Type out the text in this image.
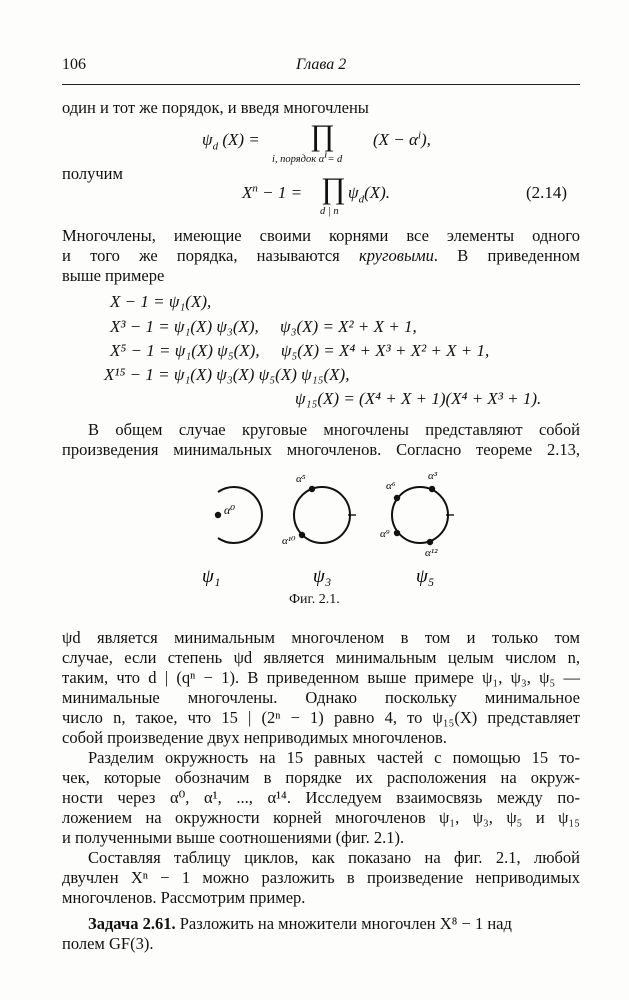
106	Глава 2
один и тот же порядок, и введя многочлены
$\psi_d$ (X) = ∏
i, порядок $\alpha^i= d$
$(X - \alpha^i)$,
получим
$X^n - 1$ = ∏
d | n
$\psi_d(X)$.	(2.14)
Многочлены, имеющие своими корнями все элементы одного
и того же порядка, называются круговыми. В приведенном
выше примере
X − 1 = ψ₁(X),
X³ − 1 = ψ₁(X) ψ₃(X),     ψ₃(X) = X² + X + 1,
X⁵ − 1 = ψ₁(X) ψ₅(X),     ψ₅(X) = X⁴ + X³ + X² + X + 1,
X¹⁵ − 1 = ψ₁(X) ψ₃(X) ψ₅(X) ψ₁₅(X),
ψ₁₅(X) = (X⁴ + X + 1)(X⁴ + X³ + 1).
В общем случае круговые многочлены представляют собой
произведения минимальных многочленов. Согласно теореме 2.13,
α⁰
ψ₁
α⁵
α¹⁰
ψ₃
α³
α⁶
α⁹
α¹²
ψ₅
Фиг. 2.1.
ψd является минимальным многочленом в том и только том
случае, если степень ψd является минимальным целым числом n,
таким, что d | (qⁿ − 1). В приведенном выше примере ψ₁, ψ₃, ψ₅ —
минимальные многочлены. Однако поскольку минимальное
число n, такое, что 15 | (2ⁿ − 1) равно 4, то ψ₁₅(X) представляет
собой произведение двух неприводимых многочленов.
Разделим окружность на 15 равных частей с помощью 15 то-
чек, которые обозначим в порядке их расположения на окруж-
ности через α⁰, α¹, ..., α¹⁴. Исследуем взаимосвязь между по-
ложением на окружности корней многочленов ψ₁, ψ₃, ψ₅ и ψ₁₅
и полученными выше соотношениями (фиг. 2.1).
Составляя таблицу циклов, как показано на фиг. 2.1, любой
двучлен Xⁿ − 1 можно разложить в произведение неприводимых
многочленов. Рассмотрим пример.
Задача 2.61. Разложить на множители многочлен X⁸ − 1 над
полем GF(3).
